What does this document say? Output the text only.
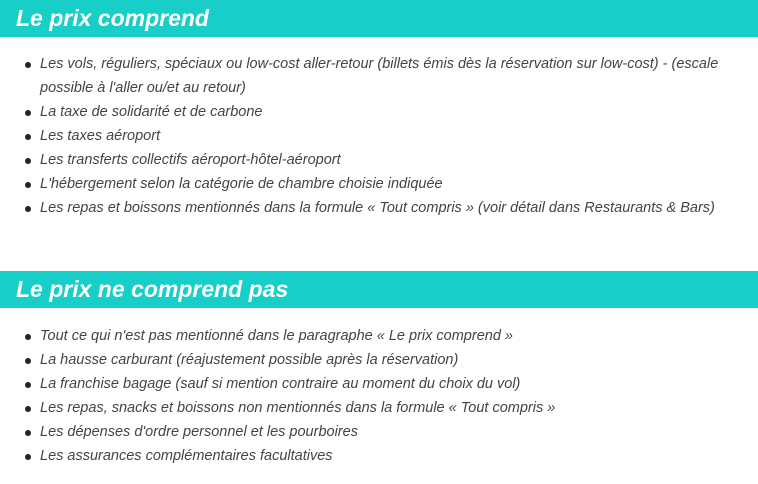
Le prix comprend
Les vols, réguliers, spéciaux ou low-cost aller-retour (billets émis dès la réservation sur low-cost) - (escale possible à l'aller ou/et au retour)
La taxe de solidarité et de carbone
Les taxes aéroport
Les transferts collectifs aéroport-hôtel-aéroport
L'hébergement selon la catégorie de chambre choisie indiquée
Les repas et boissons mentionnés dans la formule « Tout compris » (voir détail dans Restaurants & Bars)
Le prix ne comprend pas
Tout ce qui n'est pas mentionné dans le paragraphe « Le prix comprend »
La hausse carburant (réajustement possible après la réservation)
La franchise bagage (sauf si mention contraire au moment du choix du vol)
Les repas, snacks et boissons non mentionnés dans la formule « Tout compris »
Les dépenses d'ordre personnel et les pourboires
Les assurances complémentaires facultatives
